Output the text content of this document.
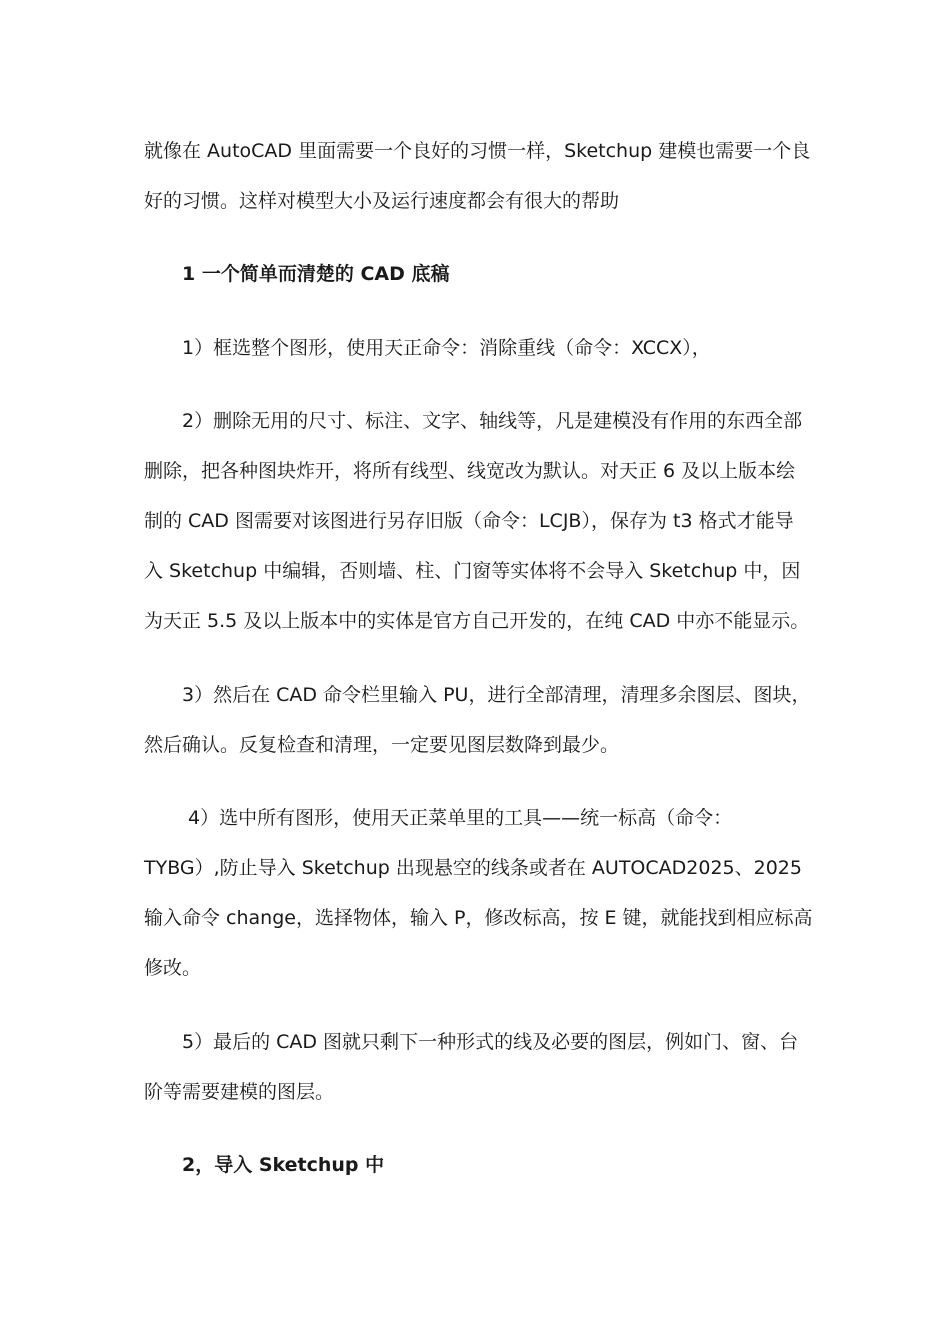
就像在 AutoCAD 里面需要一个良好的习惯一样，Sketchup 建模也需要一个良
好的习惯。这样对模型大小及运行速度都会有很大的帮助
1 一个简单而清楚的 CAD 底稿
1）框选整个图形，使用天正命令：消除重线（命令：XCCX），
2）删除无用的尺寸、标注、文字、轴线等，凡是建模没有作用的东西全部
删除，把各种图块炸开，将所有线型、线宽改为默认。对天正 6 及以上版本绘
制的 CAD 图需要对该图进行另存旧版（命令：LCJB），保存为 t3 格式才能导
入 Sketchup 中编辑，否则墙、柱、门窗等实体将不会导入 Sketchup 中，因
为天正 5.5 及以上版本中的实体是官方自己开发的，在纯 CAD 中亦不能显示。
3）然后在 CAD 命令栏里输入 PU，进行全部清理，清理多余图层、图块，
然后确认。反复检查和清理，一定要见图层数降到最少。
4）选中所有图形，使用天正菜单里的工具——统一标高（命令：
TYBG）,防止导入 Sketchup 出现悬空的线条或者在 AUTOCAD2025、2025
输入命令 change，选择物体，输入 P，修改标高，按 E 键，就能找到相应标高
修改。
5）最后的 CAD 图就只剩下一种形式的线及必要的图层，例如门、窗、台
阶等需要建模的图层。
2，导入 Sketchup 中
